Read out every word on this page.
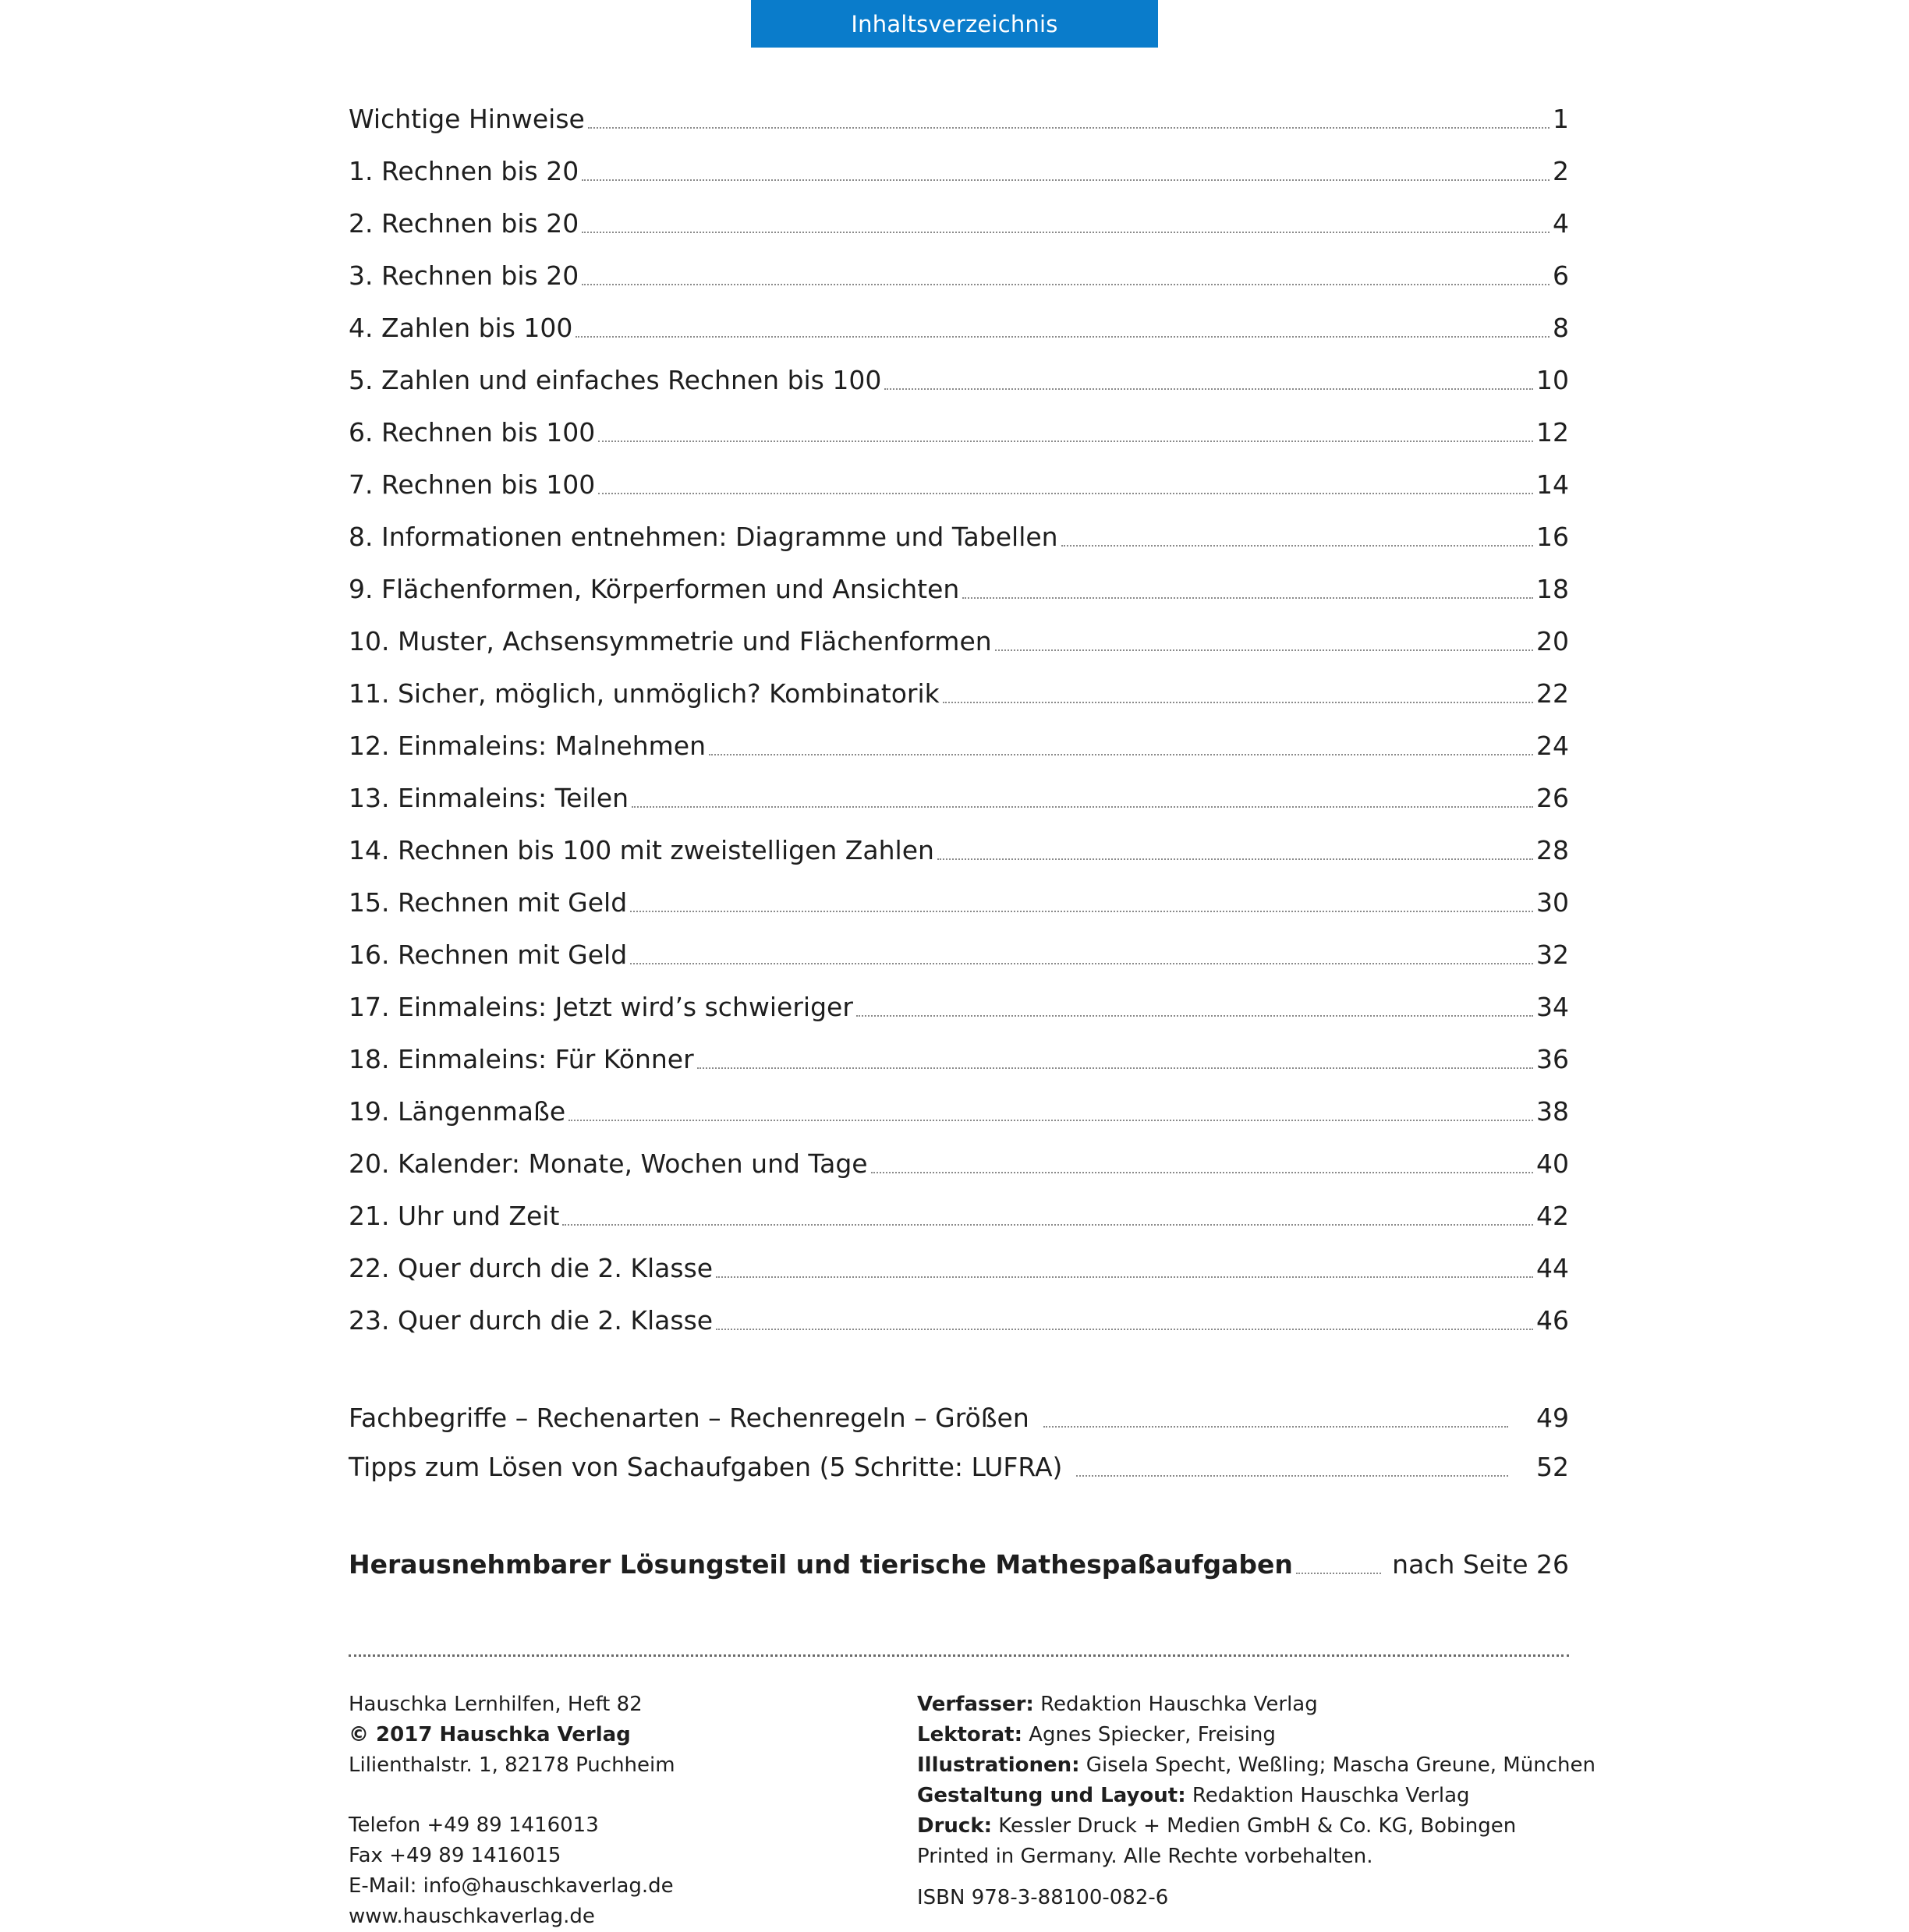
Inhaltsverzeichnis
Wichtige Hinweise	1
1. Rechnen bis 20	2
2. Rechnen bis 20	4
3. Rechnen bis 20	6
4. Zahlen bis 100	8
5. Zahlen und einfaches Rechnen bis 100	10
6. Rechnen bis 100	12
7. Rechnen bis 100	14
8. Informationen entnehmen: Diagramme und Tabellen	16
9. Flächenformen, Körperformen und Ansichten	18
10. Muster, Achsensymmetrie und Flächenformen	20
11. Sicher, möglich, unmöglich? Kombinatorik	22
12. Einmaleins: Malnehmen	24
13. Einmaleins: Teilen	26
14. Rechnen bis 100 mit zweistelligen Zahlen	28
15. Rechnen mit Geld	30
16. Rechnen mit Geld	32
17. Einmaleins: Jetzt wird’s schwieriger	34
18. Einmaleins: Für Könner	36
19. Längenmaße	38
20. Kalender: Monate, Wochen und Tage	40
21. Uhr und Zeit	42
22. Quer durch die 2. Klasse	44
23. Quer durch die 2. Klasse	46
Fachbegriffe – Rechenarten – Rechenregeln – Größen	49
Tipps zum Lösen von Sachaufgaben (5 Schritte: LUFRA)	52
Herausnehmbarer Lösungsteil und tierische Mathespaßaufgaben	nach Seite 26
Hauschka Lernhilfen, Heft 82
© 2017 Hauschka Verlag
Lilienthalstr. 1, 82178 Puchheim
Telefon +49 89 1416013
Fax +49 89 1416015
E-Mail: info@hauschkaverlag.de
www.hauschkaverlag.de
Verfasser: Redaktion Hauschka Verlag
Lektorat: Agnes Spiecker, Freising
Illustrationen: Gisela Specht, Weßling; Mascha Greune, München
Gestaltung und Layout: Redaktion Hauschka Verlag
Druck: Kessler Druck + Medien GmbH & Co. KG, Bobingen
Printed in Germany. Alle Rechte vorbehalten.
ISBN 978-3-88100-082-6
